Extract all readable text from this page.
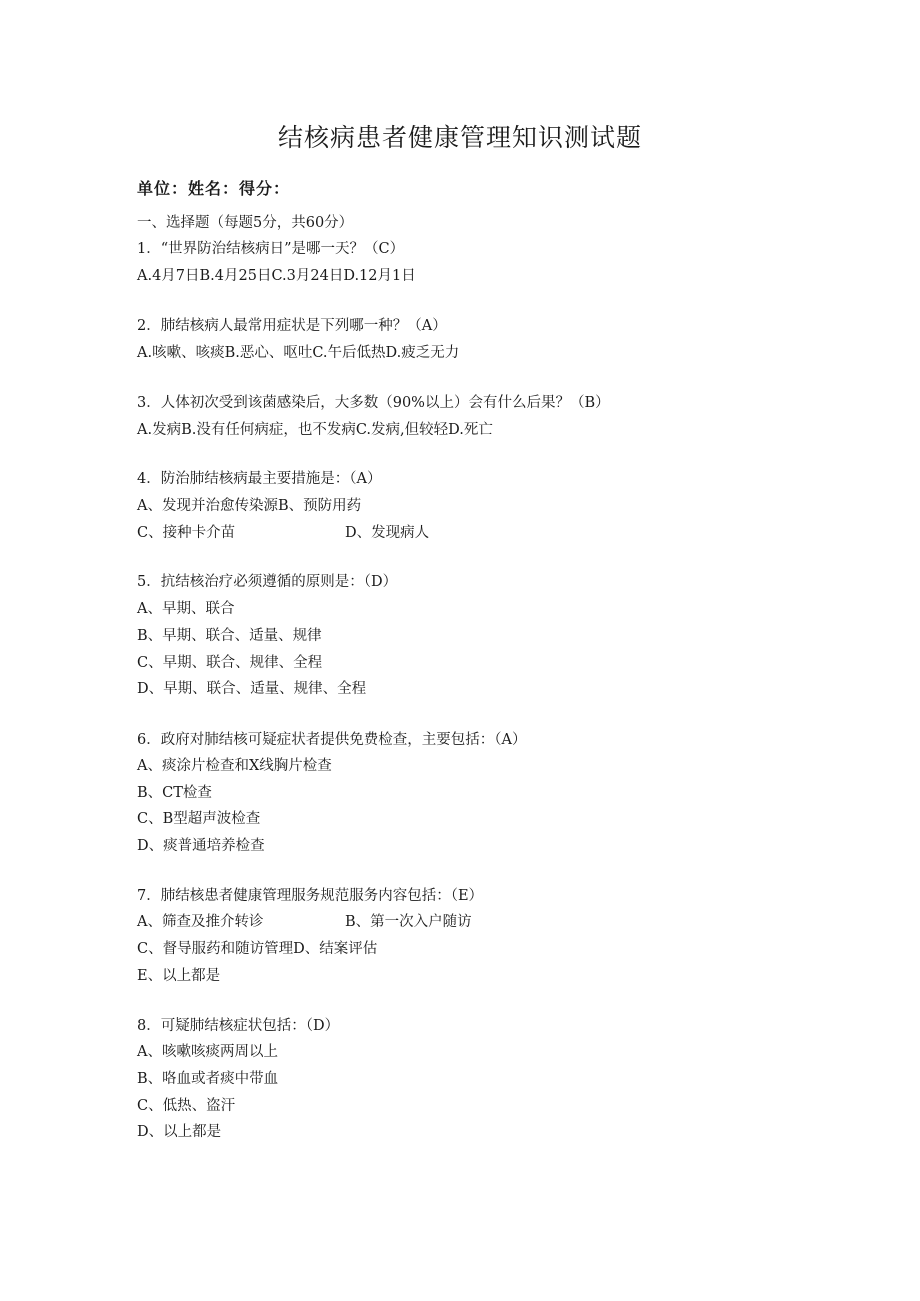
结核病患者健康管理知识测试题

单位：姓名：得分：

一、选择题（每题5分，共60分）

1．“世界防治结核病日”是哪一天？（C）

A.4月7日B.4月25日C.3月24日D.12月1日

2．肺结核病人最常用症状是下列哪一种？（A）

A.咳嗽、咳痰B.恶心、呕吐C.午后低热D.疲乏无力

3．人体初次受到该菌感染后，大多数（90%以上）会有什么后果？（B）

A.发病B.没有任何病症，也不发病C.发病,但较轻D.死亡

4．防治肺结核病最主要措施是：（A）

A、发现并治愈传染源B、预防用药

C、接种卡介苗	D、发现病人

5．抗结核治疗必须遵循的原则是：（D）

A、早期、联合

B、早期、联合、适量、规律

C、早期、联合、规律、全程

D、早期、联合、适量、规律、全程

6．政府对肺结核可疑症状者提供免费检查，主要包括：（A）

A、痰涂片检查和X线胸片检查

B、CT检查

C、B型超声波检查

D、痰普通培养检查

7．肺结核患者健康管理服务规范服务内容包括：（E）

A、筛查及推介转诊	B、第一次入户随访

C、督导服药和随访管理D、结案评估

E、以上都是

8．可疑肺结核症状包括：（D）

A、咳嗽咳痰两周以上

B、咯血或者痰中带血

C、低热、盗汗

D、以上都是
